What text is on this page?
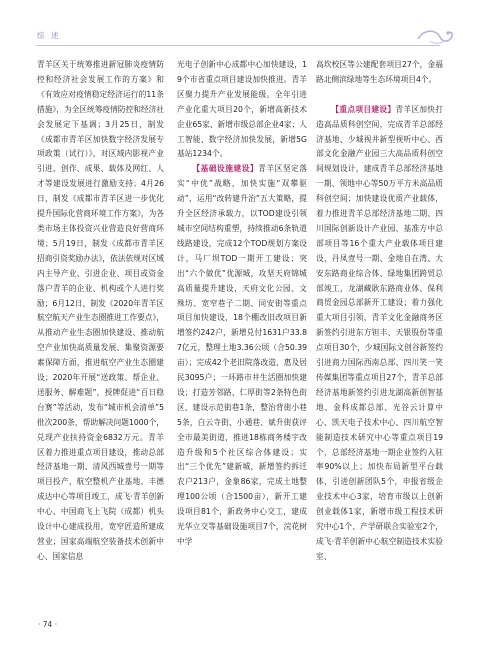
综 述

青羊区关于统筹推进新冠肺炎疫情防控和经济社会发展工作的方案》和《有效应对疫情稳定经济运行的11条措施》，为全区统筹疫情防控和经济社会发展定下基调；3月25日，制发《成都市青羊区加快数字经济发展专项政策（试行）》，对区域内影视产业引进、创作、成果、载体及网红、人才等建设发展进行激励支持；4月26日，制发《成都市青羊区进一步优化提升国际化营商环境工作方案》，为各类市场主体投资兴业营造良好营商环境；5月19日，制发《成都市青羊区招商引资奖励办法》，依法依规对区域内主导产业、引进企业、项目或资金落户青羊的企业、机构或个人进行奖励；6月12日，制发《2020年青羊区航空航天产业生态圈推进工作要点》，从推动产业生态圈加快建设、推动航空产业加快高质量发展、集聚资源要素保障方面，推进航空产业生态圈建设；2020年开展“送政策、帮企业、送服务、解难题”，授牌促进“百日稳台赛”等活动，发布“城市机会清单”5批次200条，帮助解决问题1000个，兑现产业扶持资金6832万元。青羊区着力推进重点项目建设，推动总部经济基地一期、清风西城壹号一期等项目投产，航空整机产业基地、丰德成达中心等项目竣工，成飞·青羊创新中心、中国商飞上飞院（成都）机头设计中心建成投用，宽窄匠造所建成营业；国家高端航空装备技术创新中心、国家信息

光电子创新中心成都中心加快建设，19个市省重点项目建设加快推进。青羊区聚力提升产业发展能级。全年引进产业化重大项目20个，新增高新技术企业65家、新增市级总部企业4家；人工智能、数字经济加快发展，新增5G基站1234个。

【基础设施建设】青羊区坚定落实“中优”战略，加快实施“双攀驱动”，运用“改转建升治”五大策略，提升全区经济承载力，以TOD建设引领城市空间结构重塑，持续推动6条轨道线路建设，完成12个TOD规划方案设计，马厂坝TOD一期开工建设；突出“六个做优”优源城，攻坚天府锦城高质量提升建设，天府文化公园、文殊坊、宽窄巷子二期、同安街等重点项目加快建设，18个棚改旧改项目新增签约242户，新增兑付1631户33.87亿元，整理土地3.36公顷（合50.39亩）；完成42个老旧院落改造，惠及居民3095户；一环路市井生活圈加快建设；打造芳邻路、仁厚街等2条特色街区，建设示范街巷1条，整治背街小巷5条，白云寺街、小通巷、斌升街获评全市最美街道，推进18栋商务楼宇改造升级和5个社区综合体建设；实出“三个优先”建新城，新增签约拆迁农户213户，金象86家，完成土地整理100公顷（合1500亩），新开工建设项目81个，新政务中心交工，建成光华立交等基础设施项目7个，浣花树中学

高坎校区等公建配套项目27个，金福路北侧滨绿地等生态环境项目4个。

【重点项目建设】青羊区加快打造高品质科创空间，完成青羊总部经济基地、少城视井新型视听中心、西部文化金融产业园三大高品质科创空间规划设计，建成青羊总部经济基地一期、领地中心等50万平方米高品质科创空间；加快建设优质产业载体，着力推进青羊总部经济基地二期、四川国际创新设计产业园、基准方中总部项目等16个重大产业载体项目建设，丹凤壹号一期、金地自在湾、大安东路商业综合体、绿地集团跨贸总部竣工，龙湖藏耿东路商业体、保利商贸金园总部新开工建设；着力强化重大项目引领，青羊文化金融商务区新签约引进东方钽丰、天银股份等重点项目30个，少城国际文创谷新签约引进商力国际西南总部、四川笑一笑传媒集团等重点项目27个，青羊总部经济基地新签约引进龙湖高新创智基地、金科成都总部、光谷云计算中心、凯天电子技术中心、四川航空智能制造技术研究中心等重点项目19个，总部经济基地一期企业签约入驻率90%以上；加快布局新型平台载体，引进创新团队5个，申报省级企业技术中心3家，培育市级以上创新创业载体1家，新增市级工程技术研究中心1个、产学研联合实验室2个，成飞·青羊创新中心航空制造技术实验室、

· 74 ·
